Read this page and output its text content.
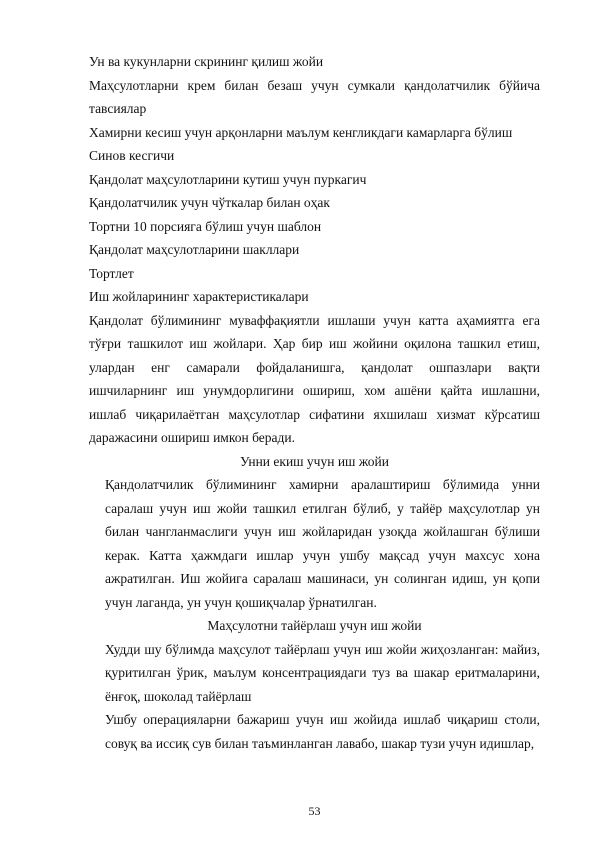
Ун ва кукунларни скрининг қилиш жойи
Маҳсулотларни крем билан безаш учун сумкали қандолатчилик бўйича тавсиялар
Хамирни кесиш учун арқонларни маълум кенгликдаги камарларга бўлиш
Синов кесгичи
Қандолат маҳсулотларини кутиш учун пуркагич
Қандолатчилик учун чўткалар билан оҳак
Тортни 10 порсияга бўлиш учун шаблон
Қандолат маҳсулотларини шакллари
Тортлет
Иш жойларининг характеристикалари
Қандолат бўлимининг муваффақиятли ишлаши учун катта аҳамиятга ега тўғри ташкилот иш жойлари. Ҳар бир иш жойини оқилона ташкил етиш, улардан енг самарали фойдаланишга, қандолат ошпазлари вақти ишчиларнинг иш унумдорлигини ошириш, хом ашёни қайта ишлашни, ишлаб чиқарилаётган маҳсулотлар сифатини яхшилаш хизмат кўрсатиш даражасини ошириш имкон беради.
Унни екиш учун иш жойи
Қандолатчилик бўлимининг хамирни аралаштириш бўлимида унни саралаш учун иш жойи ташкил етилган бўлиб, у тайёр маҳсулотлар ун билан чангланмаслиги учун иш жойларидан узоқда жойлашган бўлиши керак. Катта ҳажмдаги ишлар учун ушбу мақсад учун махсус хона ажратилган. Иш жойига саралаш машинаси, ун солинган идиш, ун қопи учун лаганда, ун учун қошиқчалар ўрнатилган.
Маҳсулотни тайёрлаш учун иш жойи
Худди шу бўлимда маҳсулот тайёрлаш учун иш жойи жиҳозланган: майиз, қуритилган ўрик, маълум консентрациядаги туз ва шакар еритмаларини, ёнғоқ, шоколад тайёрлаш
Ушбу операцияларни бажариш учун иш жойида ишлаб чиқариш столи, совуқ ва иссиқ сув билан таъминланган лавабо, шакар тузи учун идишлар,
53
